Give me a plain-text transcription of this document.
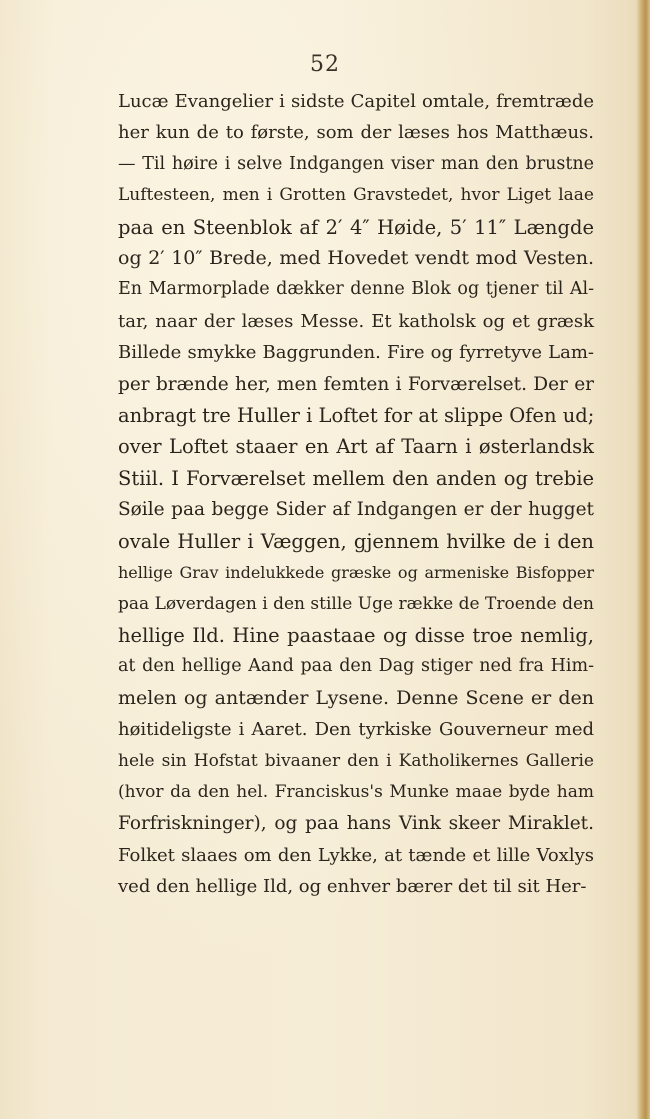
52
Lucæ Evangelier i sidste Capitel omtale, fremtræde
her kun de to første, som der læses hos Matthæus.
— Til høire i selve Indgangen viser man den brustne
Luftesteen, men i Grotten Gravstedet, hvor Liget laae
paa en Steenblok af 2′ 4″ Høide, 5′ 11″ Længde
og 2′ 10″ Brede, med Hovedet vendt mod Vesten.
En Marmorplade dækker denne Blok og tjener til Al-
tar, naar der læses Messe. Et katholsk og et græsk
Billede smykke Baggrunden. Fire og fyrretyve Lam-
per brænde her, men femten i Forværelset. Der er
anbragt tre Huller i Loftet for at slippe Ofen ud;
over Loftet staaer en Art af Taarn i østerlandsk
Stiil. I Forværelset mellem den anden og trebie
Søile paa begge Sider af Indgangen er der hugget
ovale Huller i Væggen, gjennem hvilke de i den
hellige Grav indelukkede græske og armeniske Bisfopper
paa Løverdagen i den stille Uge række de Troende den
hellige Ild. Hine paastaae og disse troe nemlig,
at den hellige Aand paa den Dag stiger ned fra Him-
melen og antænder Lysene. Denne Scene er den
høitideligste i Aaret. Den tyrkiske Gouverneur med
hele sin Hofstat bivaaner den i Katholikernes Gallerie
(hvor da den hel. Franciskus's Munke maae byde ham
Forfriskninger), og paa hans Vink skeer Miraklet.
Folket slaaes om den Lykke, at tænde et lille Voxlys
ved den hellige Ild, og enhver bærer det til sit Her-
